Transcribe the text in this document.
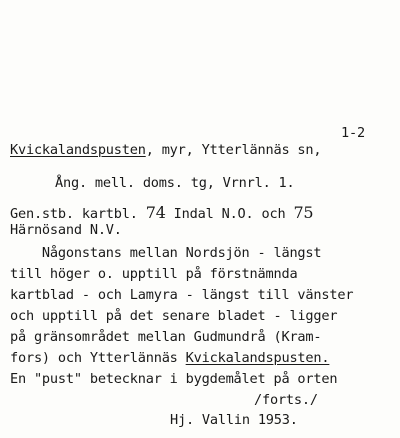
1-2
Kvickalandspusten, myr, Ytterlännäs sn,
Ång. mell. doms. tg, Vrnrl. 1.
Gen.stb. kartbl. 74 Indal N.O. och 75
Härnösand N.V.
Någonstans mellan Nordsjön - längst
till höger o. upptill på förstnämnda
kartblad - och Lamyra - längst till vänster
och upptill på det senare bladet - ligger
på gränsområdet mellan Gudmundrå (Kram-
fors) och Ytterlännäs Kvickalandspusten.
En "pust" betecknar i bygdemålet på orten
/forts./
Hj. Vallin 1953.
